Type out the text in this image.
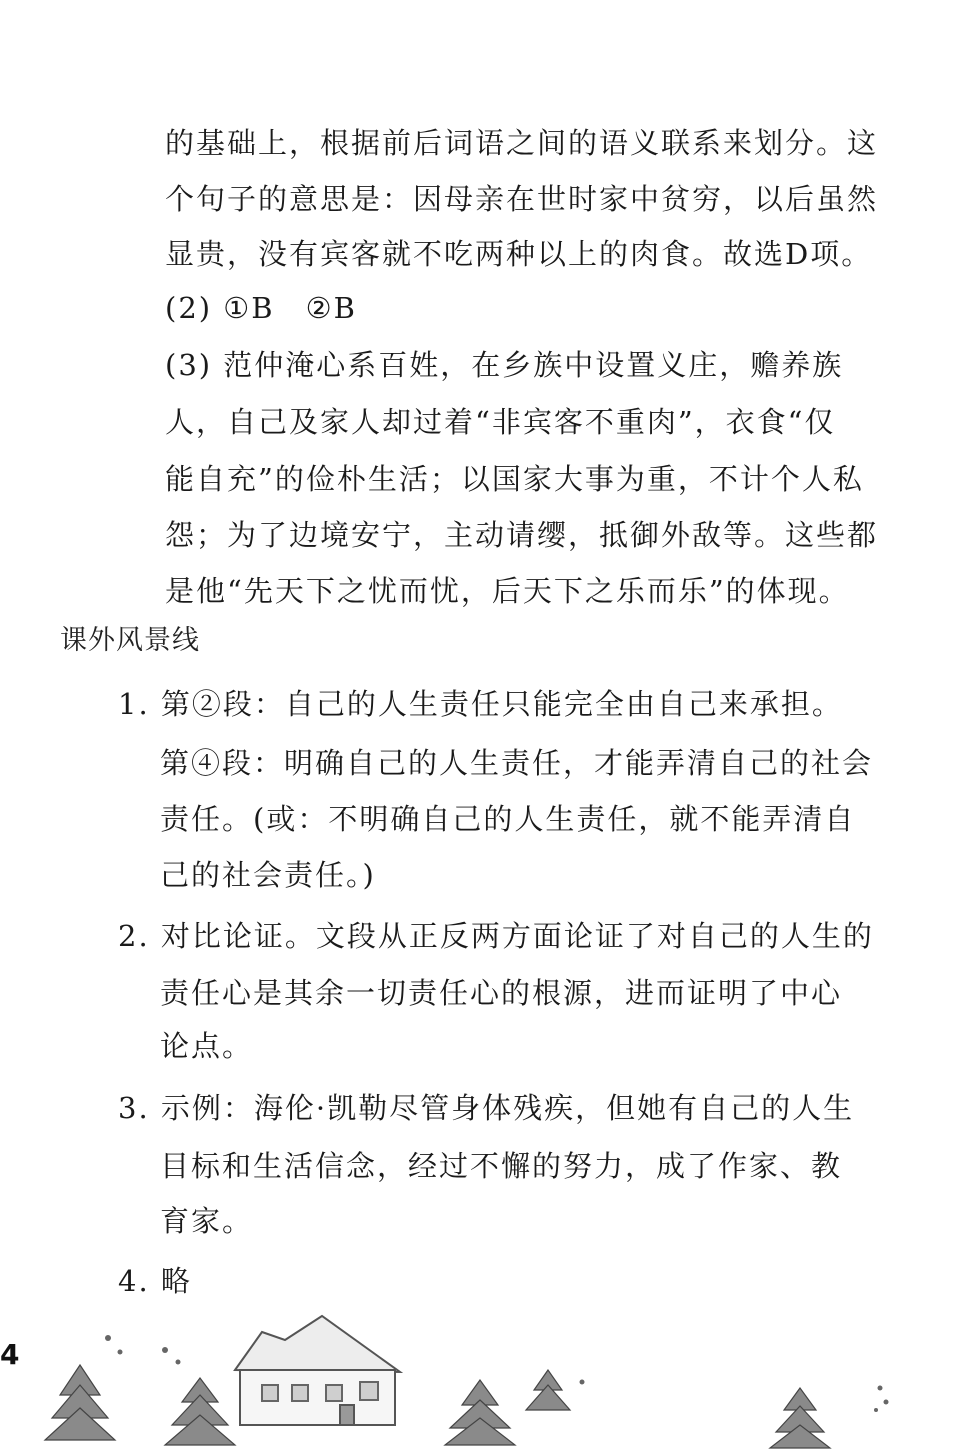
的基础上，根据前后词语之间的语义联系来划分。这
个句子的意思是：因母亲在世时家中贫穷，以后虽然
显贵，没有宾客就不吃两种以上的肉食。故选D项。
(2) ①B　②B
(3) 范仲淹心系百姓，在乡族中设置义庄，赡养族
人，自己及家人却过着“非宾客不重肉”，衣食“仅
能自充”的俭朴生活；以国家大事为重，不计个人私
怨；为了边境安宁，主动请缨，抵御外敌等。这些都
是他“先天下之忧而忧，后天下之乐而乐”的体现。
课外风景线
1. 第②段：自己的人生责任只能完全由自己来承担。
第④段：明确自己的人生责任，才能弄清自己的社会
责任。(或：不明确自己的人生责任，就不能弄清自
己的社会责任。)
2. 对比论证。文段从正反两方面论证了对自己的人生的
责任心是其余一切责任心的根源，进而证明了中心
论点。
3. 示例：海伦·凯勒尽管身体残疾，但她有自己的人生
目标和生活信念，经过不懈的努力，成了作家、教
育家。
4. 略
4
